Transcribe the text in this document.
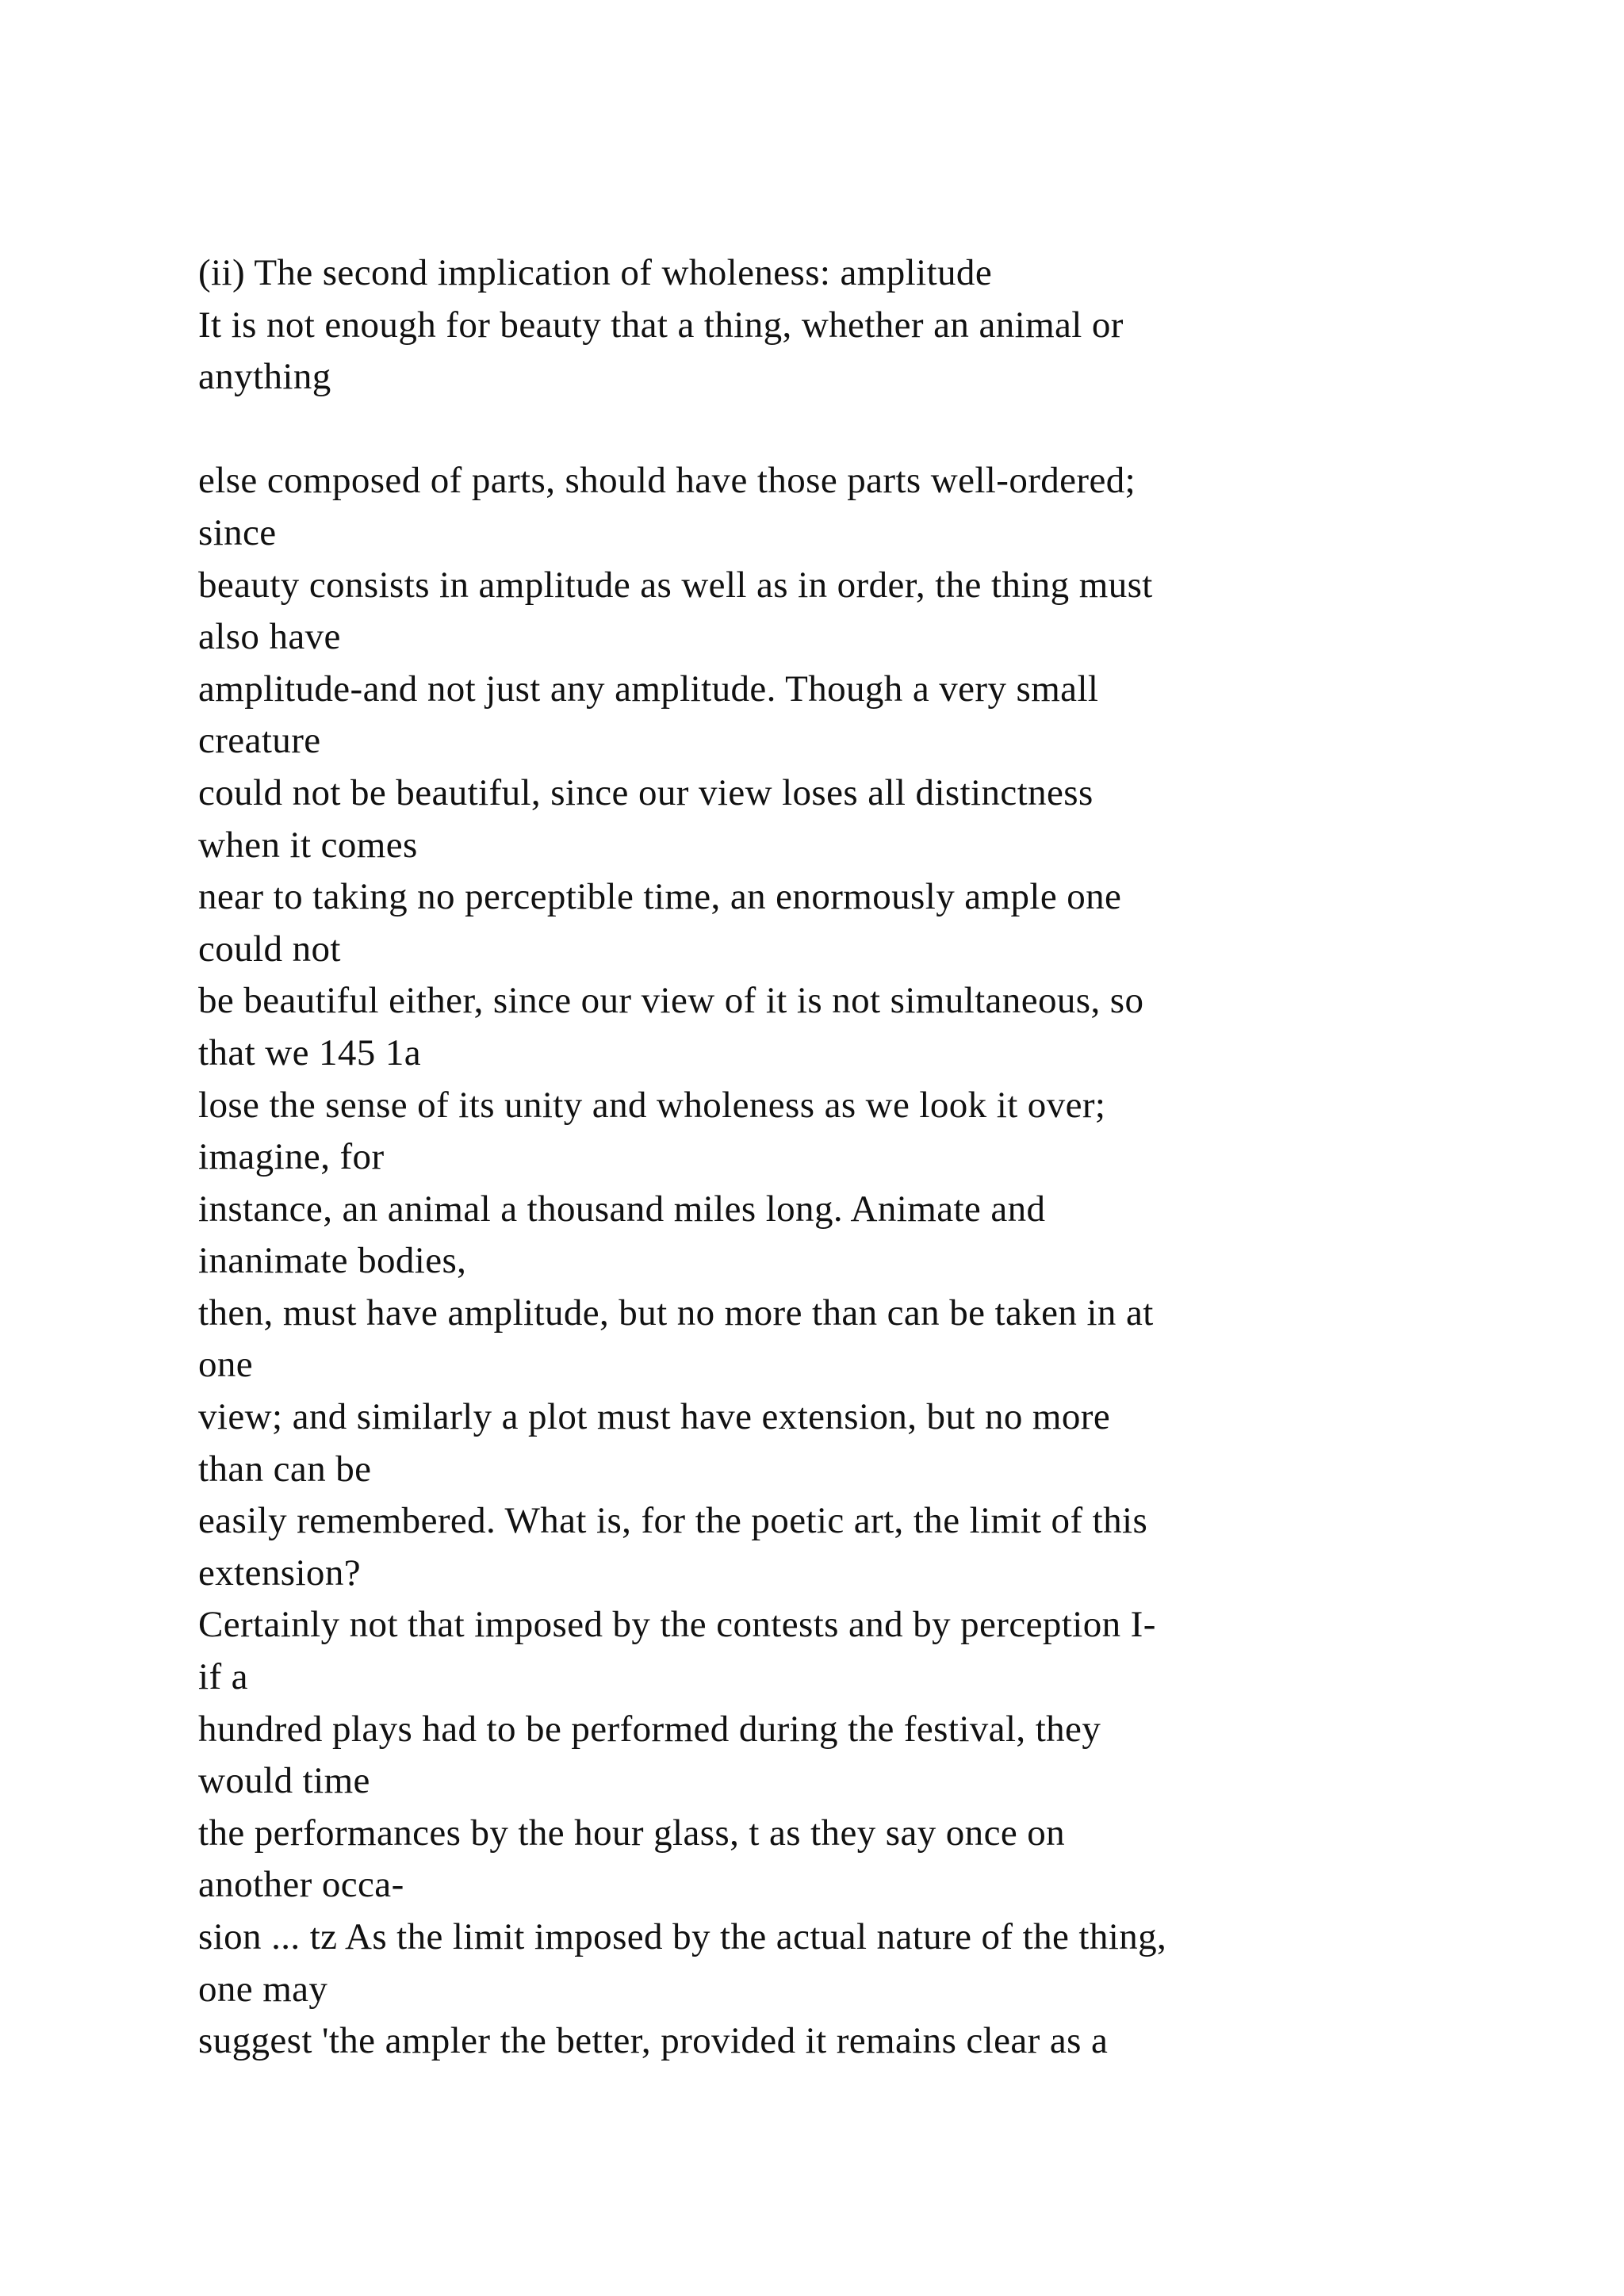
(ii) The second implication of wholeness: amplitude
It is not enough for beauty that a thing, whether an animal or
anything
else composed of parts, should have those parts well-ordered;
since
beauty consists in amplitude as well as in order, the thing must
also have
amplitude-and not just any amplitude. Though a very small
creature
could not be beautiful, since our view loses all distinctness
when it comes
near to taking no perceptible time, an enormously ample one
could not
be beautiful either, since our view of it is not simultaneous, so
that we 145 1a
lose the sense of its unity and wholeness as we look it over;
imagine, for
instance, an animal a thousand miles long. Animate and
inanimate bodies,
then, must have amplitude, but no more than can be taken in at
one
view; and similarly a plot must have extension, but no more
than can be
easily remembered. What is, for the poetic art, the limit of this
extension?
Certainly not that imposed by the contests and by perception I-
if a
hundred plays had to be performed during the festival, they
would time
the performances by the hour glass, t as they say once on
another occa-
sion ... tz As the limit imposed by the actual nature of the thing,
one may
suggest 'the ampler the better, provided it remains clear as a
